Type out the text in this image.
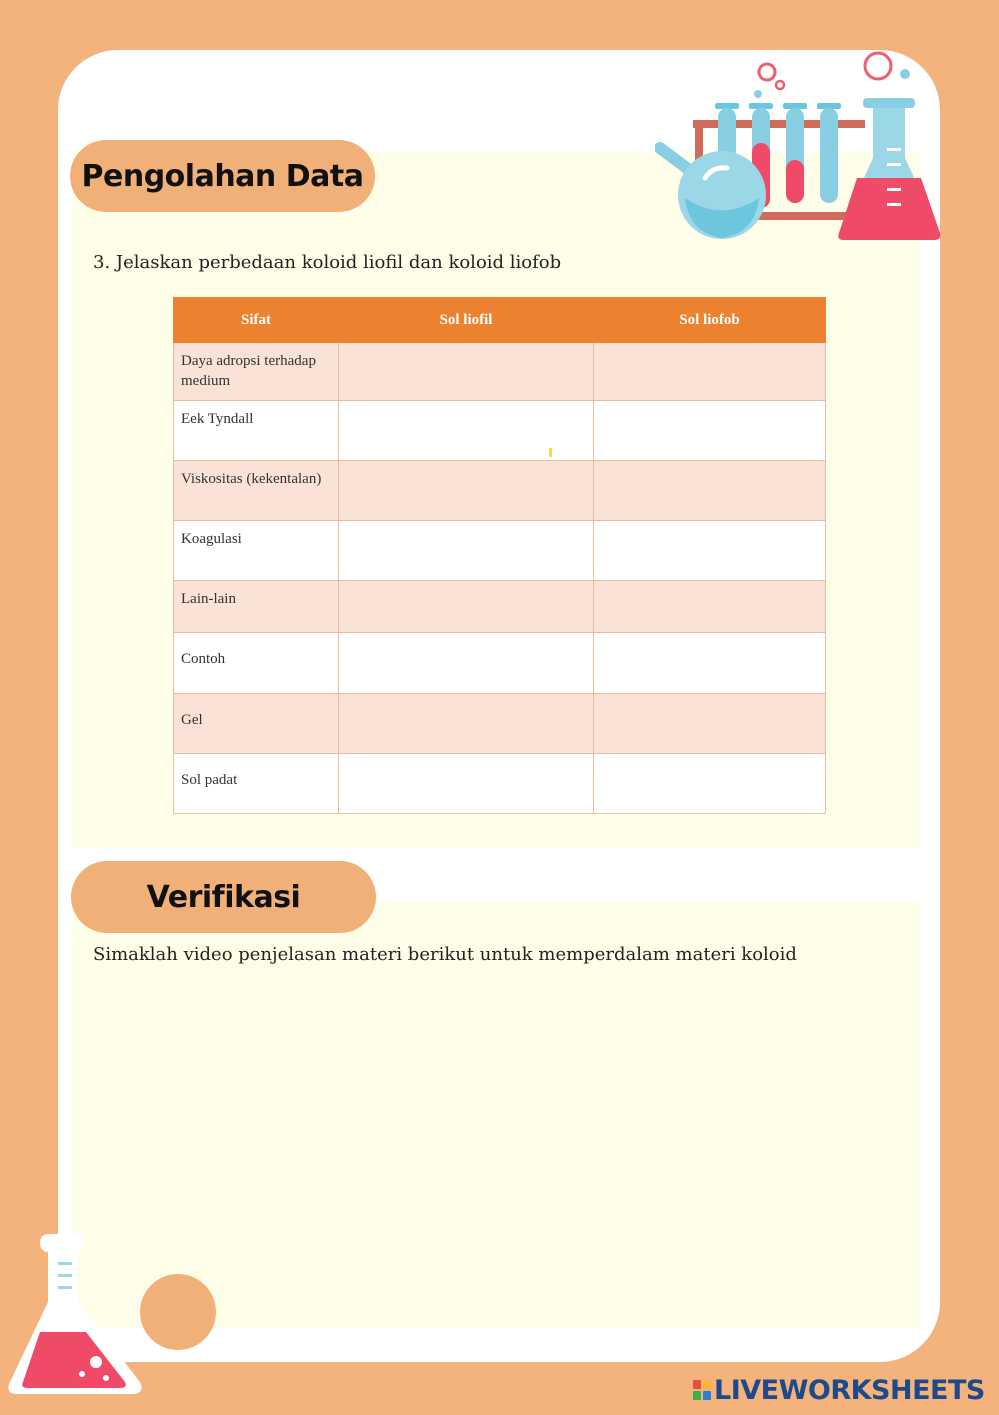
Pengolahan Data
3. Jelaskan perbedaan koloid liofil dan koloid liofob
Sifat	Sol liofil	Sol liofob
Daya adropsi terhadap medium		
Eek Tyndall		
Viskositas (kekentalan)		
Koagulasi		
Lain-lain		
Contoh		
Gel		
Sol padat		
Verifikasi
Simaklah video penjelasan materi berikut untuk memperdalam materi koloid
LIVEWORKSHEETS
